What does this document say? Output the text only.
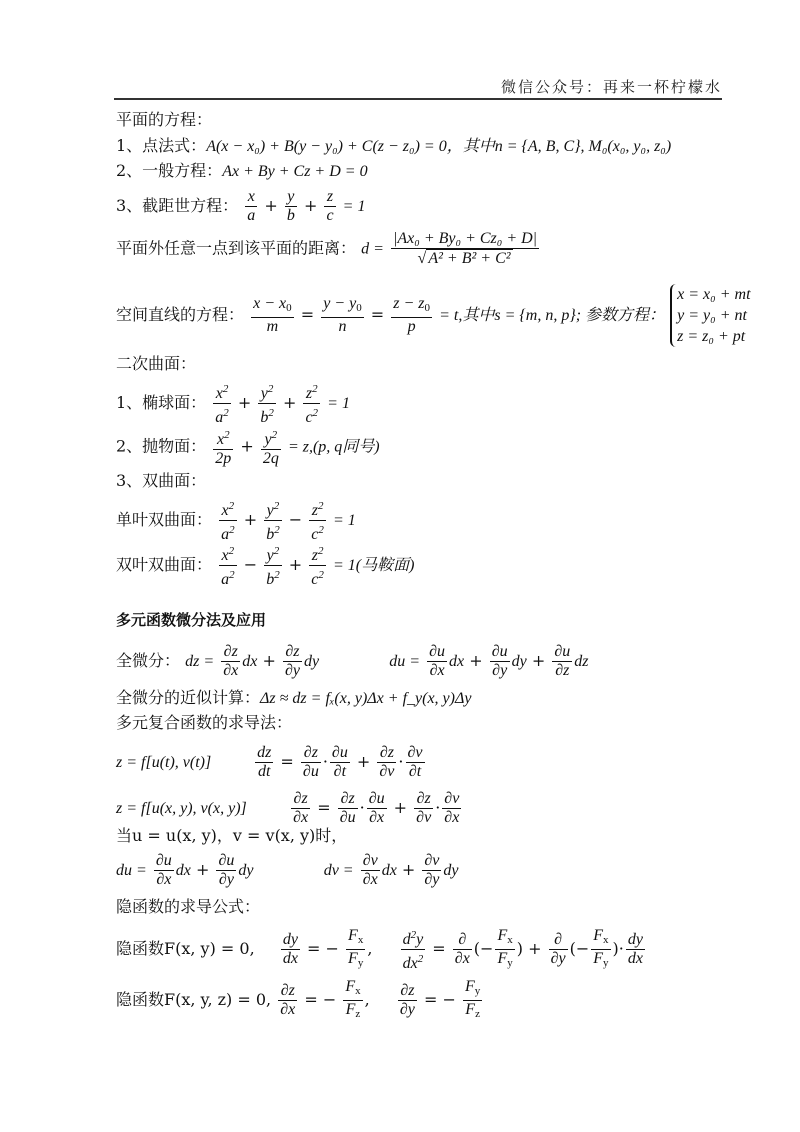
微信公众号：再来一杯柠檬水
平面的方程：
1、点法式：A(x − x₀) + B(y − y₀) + C(z − z₀) = 0，其中n = {A, B, C}, M₀(x₀, y₀, z₀)
2、一般方程：Ax + By + Cz + D = 0
3、截距世方程： $\frac{x}{a} + \frac{y}{b} + \frac{z}{c} = 1$
平面外任意一点到该平面的距离： $d = \frac{\text{|Ax₀ + By₀ + Cz₀ + D|}}{\text{√ A² + B² + C²}}$
空间直线的方程： $\frac{x - x_0}{m} = \frac{y - y_0}{n} = \frac{z - z_0}{p} = t$,其中s = {m, n, p}; 参数方程：
x = x₀ + mt
y = y₀ + nt
z = z₀ + pt
二次曲面：
1、椭球面： $\frac{x^2}{a^2} + \frac{y^2}{b^2} + \frac{z^2}{c^2} = 1$
2、抛物面： $\frac{x^2}{2p} + \frac{y^2}{2q} = z,(p$, q同号)
3、双曲面：
单叶双曲面： $\frac{x^2}{a^2} + \frac{y^2}{b^2} - \frac{z^2}{c^2} = 1$
双叶双曲面： $\frac{x^2}{a^2} - \frac{y^2}{b^2} + \frac{z^2}{c^2} = 1$(马鞍面)
多元函数微分法及应用
全微分： dz = $\frac{\partial z}{\partial x}$ dx + $\frac{\partial z}{\partial y}$ dy	du = $\frac{\partial u}{\partial x}$ dx + $\frac{\partial u}{\partial y}$ dy + $\frac{\partial u}{\partial z}$ dz
全微分的近似计算：Δz ≈ dz = fₓ(x, y)Δx + f_y(x, y)Δy
多元复合函数的求导法：
z = f[u(t), v(t)]	$\frac{dz}{dt} = \frac{\partial z}{\partial u} \cdot \frac{\partial u}{\partial t} + \frac{\partial z}{\partial v} \cdot \frac{\partial v}{\partial t}$
z = f[u(x, y), v(x, y)]	$\frac{\partial z}{\partial x} = \frac{\partial z}{\partial u} \cdot \frac{\partial u}{\partial x} + \frac{\partial z}{\partial v} \cdot \frac{\partial v}{\partial x}$
当u = u(x, y)，v = v(x, y)时，
du = $\frac{\partial u}{\partial x}$ dx + $\frac{\partial u}{\partial y}$ dy	dv = $\frac{\partial v}{\partial x}$ dx + $\frac{\partial v}{\partial y}$ dy
隐函数的求导公式：
隐函数F(x, y) = 0, $\frac{dy}{dx}$ = − $\frac{F_x}{F_y}$ , $\frac{d^2y}{dx^2}$ = ∂
∂x
(− $\frac{F_x}{F_y}$ ) + ∂
∂y
(− $\frac{F_x}{F_y}$ )· $\frac{dy}{dx}$
隐函数F(x, y, z) = 0, $\frac{\partial z}{\partial x}$ = − $\frac{F_x}{F_z}$ , $\frac{\partial z}{\partial y}$ = − $\frac{F_y}{F_z}$
